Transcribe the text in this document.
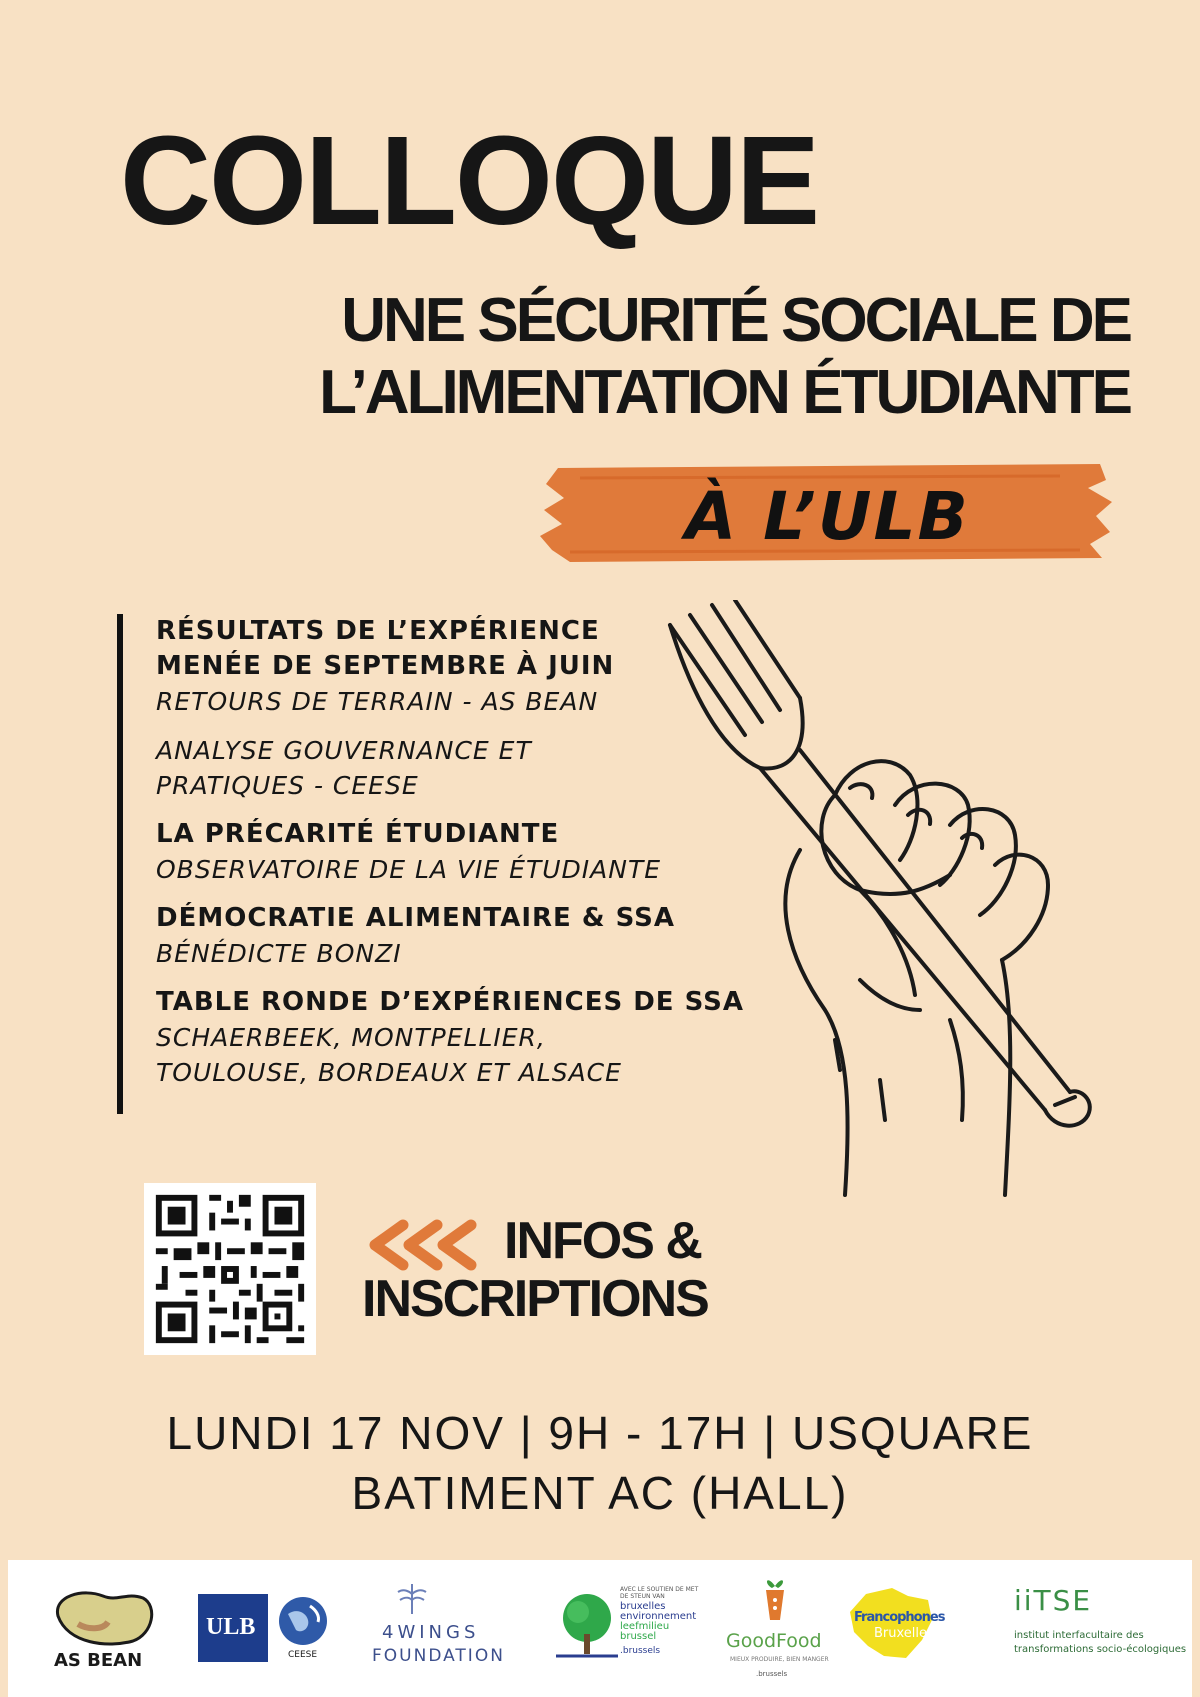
COLLOQUE
UNE SÉCURITÉ SOCIALE DE
L’ALIMENTATION ÉTUDIANTE
À L’ULB
RÉSULTATS DE L’EXPÉRIENCE
MENÉE DE SEPTEMBRE À JUIN
RETOURS DE TERRAIN - AS BEAN
ANALYSE GOUVERNANCE ET
PRATIQUES - CEESE
LA PRÉCARITÉ ÉTUDIANTE
OBSERVATOIRE DE LA VIE ÉTUDIANTE
DÉMOCRATIE ALIMENTAIRE & SSA
BÉNÉDICTE BONZI
TABLE RONDE D’EXPÉRIENCES DE SSA
SCHAERBEEK, MONTPELLIER,
TOULOUSE, BORDEAUX ET ALSACE
INFOS &
INSCRIPTIONS
LUNDI 17 NOV | 9H - 17H | USQUARE
BATIMENT AC (HALL)
AS BEAN
ULB
CEESE
4WINGS
FOUNDATION
AVEC LE SOUTIEN DE MET DE STEUN VAN
bruxelles
environnement
leefmilieu
brussel
.brussels	GoodFood
MIEUX PRODUIRE, BIEN MANGER
.brussels
Francophones
Bruxelles
iiTSE
institut interfacultaire des
transformations socio-écologiques
